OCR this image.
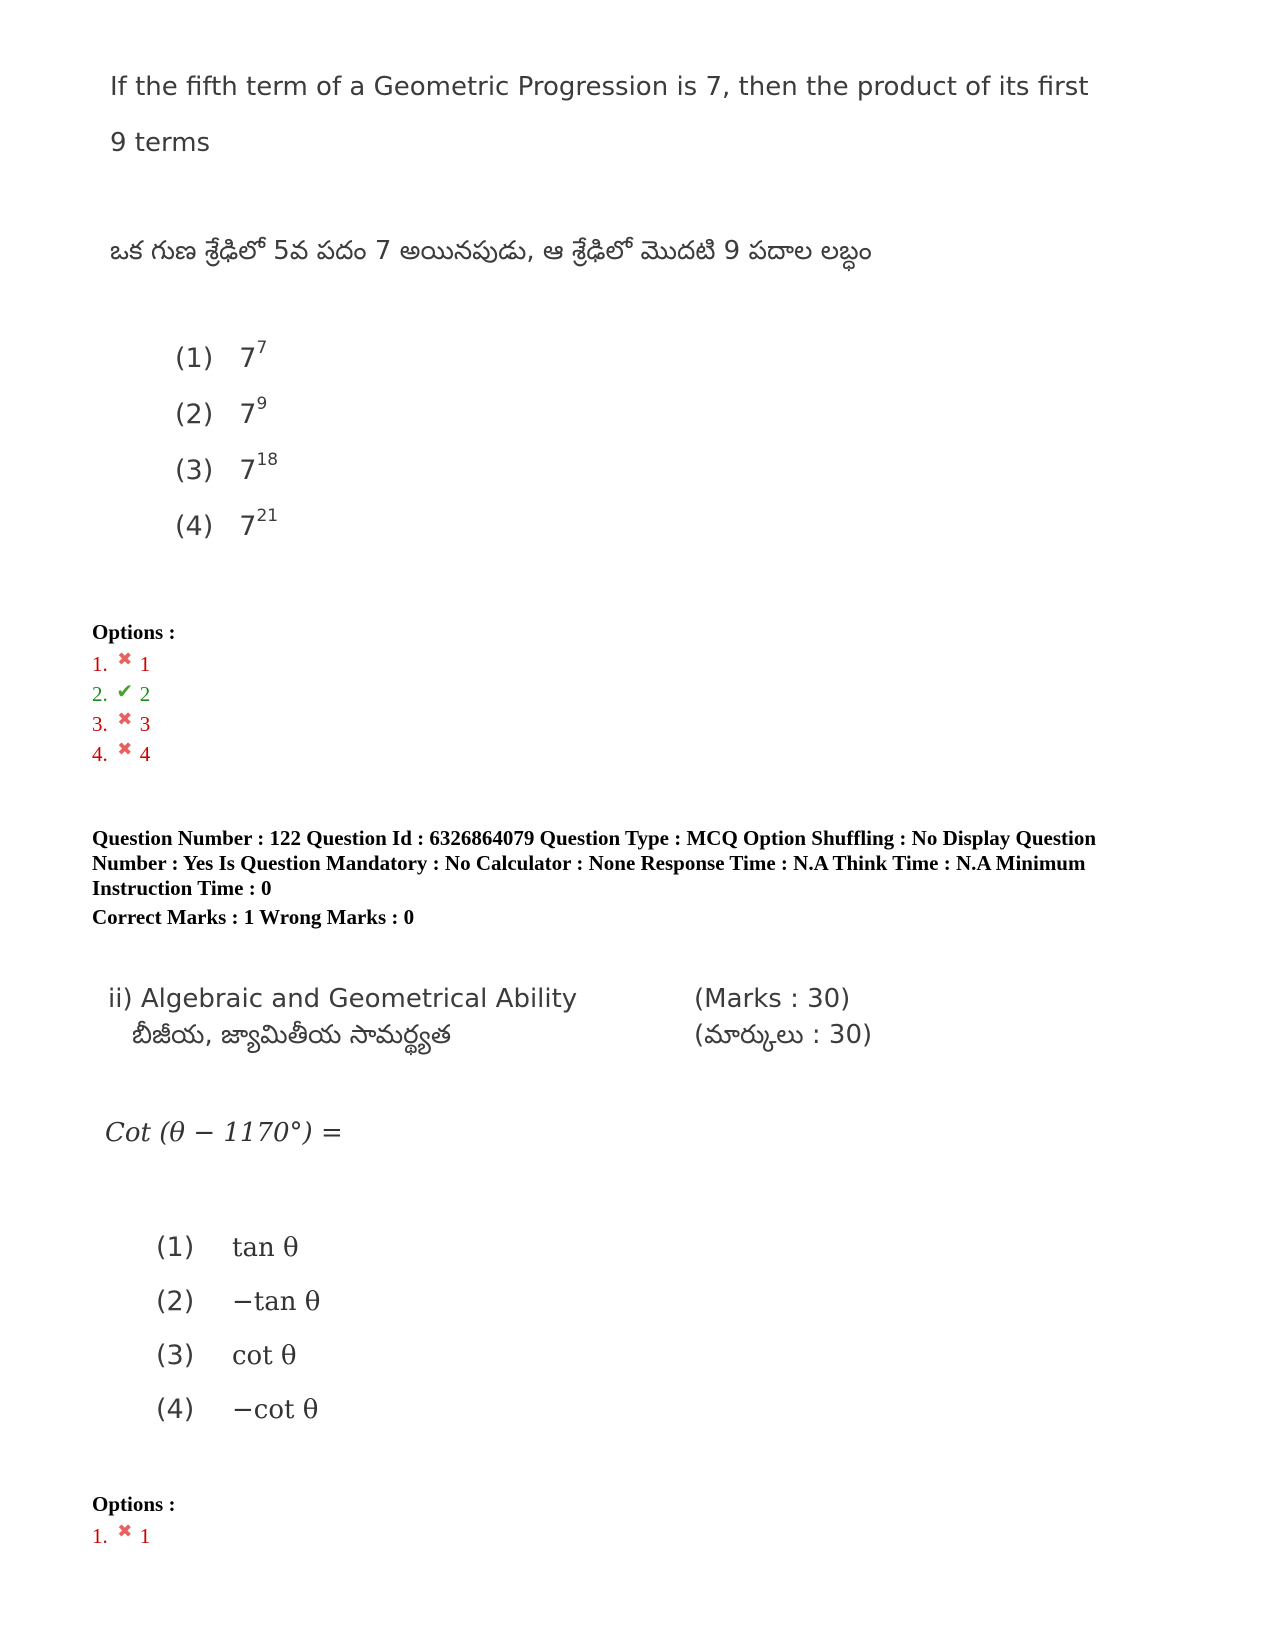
If the fifth term of a Geometric Progression is 7, then the product of its first
9 terms
ఒక గుణ శ్రేఢిలో 5వ పదం 7 అయినపుడు, ఆ శ్రేఢిలో మొదటి 9 పదాల లబ్ధం
(1) $7^7$
(2) $7^9$
(3) $7^{18}$
(4) $7^{21}$
Options :
1. ✖ 1
2. ✔ 2
3. ✖ 3
4. ✖ 4
Question Number : 122 Question Id : 6326864079 Question Type : MCQ Option Shuffling : No Display Question
Number : Yes Is Question Mandatory : No Calculator : None Response Time : N.A Think Time : N.A Minimum
Instruction Time : 0
Correct Marks : 1 Wrong Marks : 0
ii) Algebraic and Geometrical Ability
బీజీయ, జ్యామితీయ సామర్థ్యత
(Marks : 30)
(మార్కులు : 30)
Cot (θ − 1170°) =
(1) tan θ
(2) −tan θ
(3) cot θ
(4) −cot θ
Options :
1. ✖ 1
